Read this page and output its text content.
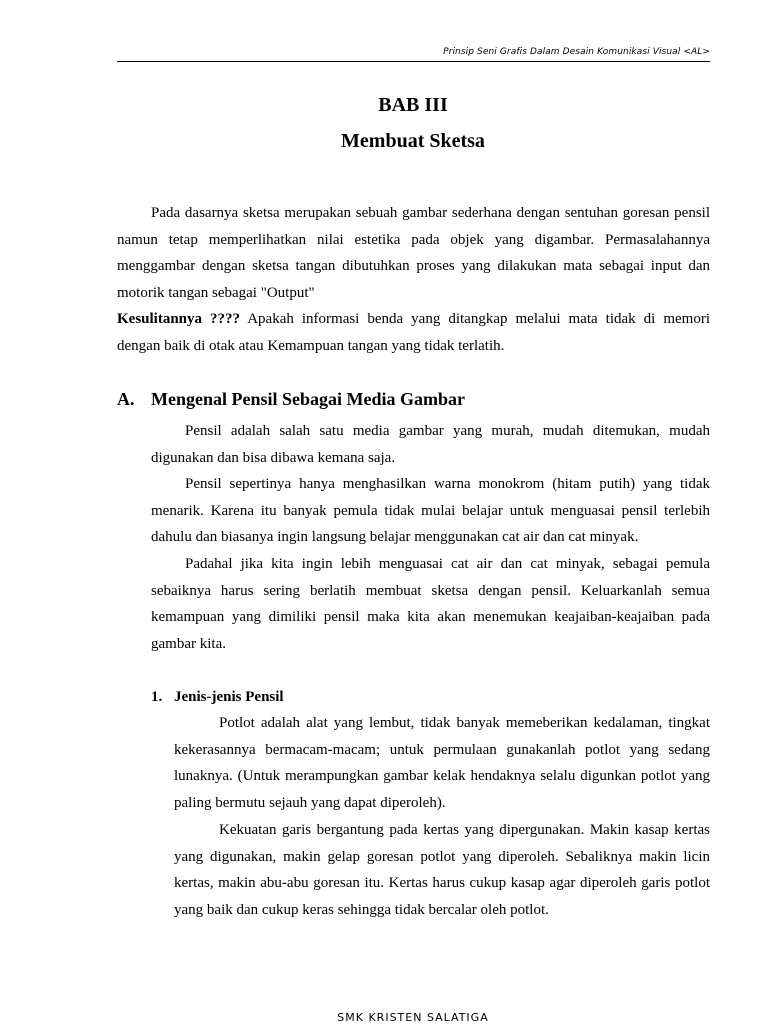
Prinsip Seni Grafis Dalam Desain Komunikasi Visual <AL>
BAB III
Membuat Sketsa

Pada dasarnya sketsa merupakan sebuah gambar sederhana dengan sentuhan goresan pensil namun tetap memperlihatkan nilai estetika pada objek yang digambar. Permasalahannya menggambar dengan sketsa tangan dibutuhkan proses yang dilakukan mata sebagai input dan motorik tangan sebagai "Output"

Kesulitannya ???? Apakah informasi benda yang ditangkap melalui mata tidak di memori dengan baik di otak atau Kemampuan tangan yang tidak terlatih.

A. Mengenal Pensil Sebagai Media Gambar

Pensil adalah salah satu media gambar yang murah, mudah ditemukan, mudah digunakan dan bisa dibawa kemana saja.

Pensil sepertinya hanya menghasilkan warna monokrom (hitam putih) yang tidak menarik. Karena itu banyak pemula tidak mulai belajar untuk menguasai pensil terlebih dahulu dan biasanya ingin langsung belajar menggunakan cat air dan cat minyak.

Padahal jika kita ingin lebih menguasai cat air dan cat minyak, sebagai pemula sebaiknya harus sering berlatih membuat sketsa dengan pensil. Keluarkanlah semua kemampuan yang dimiliki pensil maka kita akan menemukan keajaiban-keajaiban pada gambar kita.

1. Jenis-jenis Pensil

Potlot adalah alat yang lembut, tidak banyak memeberikan kedalaman, tingkat kekerasannya bermacam-macam; untuk permulaan gunakanlah potlot yang sedang lunaknya. (Untuk merampungkan gambar kelak hendaknya selalu digunkan potlot yang paling bermutu sejauh yang dapat diperoleh).

Kekuatan garis bergantung pada kertas yang dipergunakan. Makin kasap kertas yang digunakan, makin gelap goresan potlot yang diperoleh. Sebaliknya makin licin kertas, makin abu-abu goresan itu. Kertas harus cukup kasap agar diperoleh garis potlot yang baik dan cukup keras sehingga tidak bercalar oleh potlot.

SMK KRISTEN SALATIGA
